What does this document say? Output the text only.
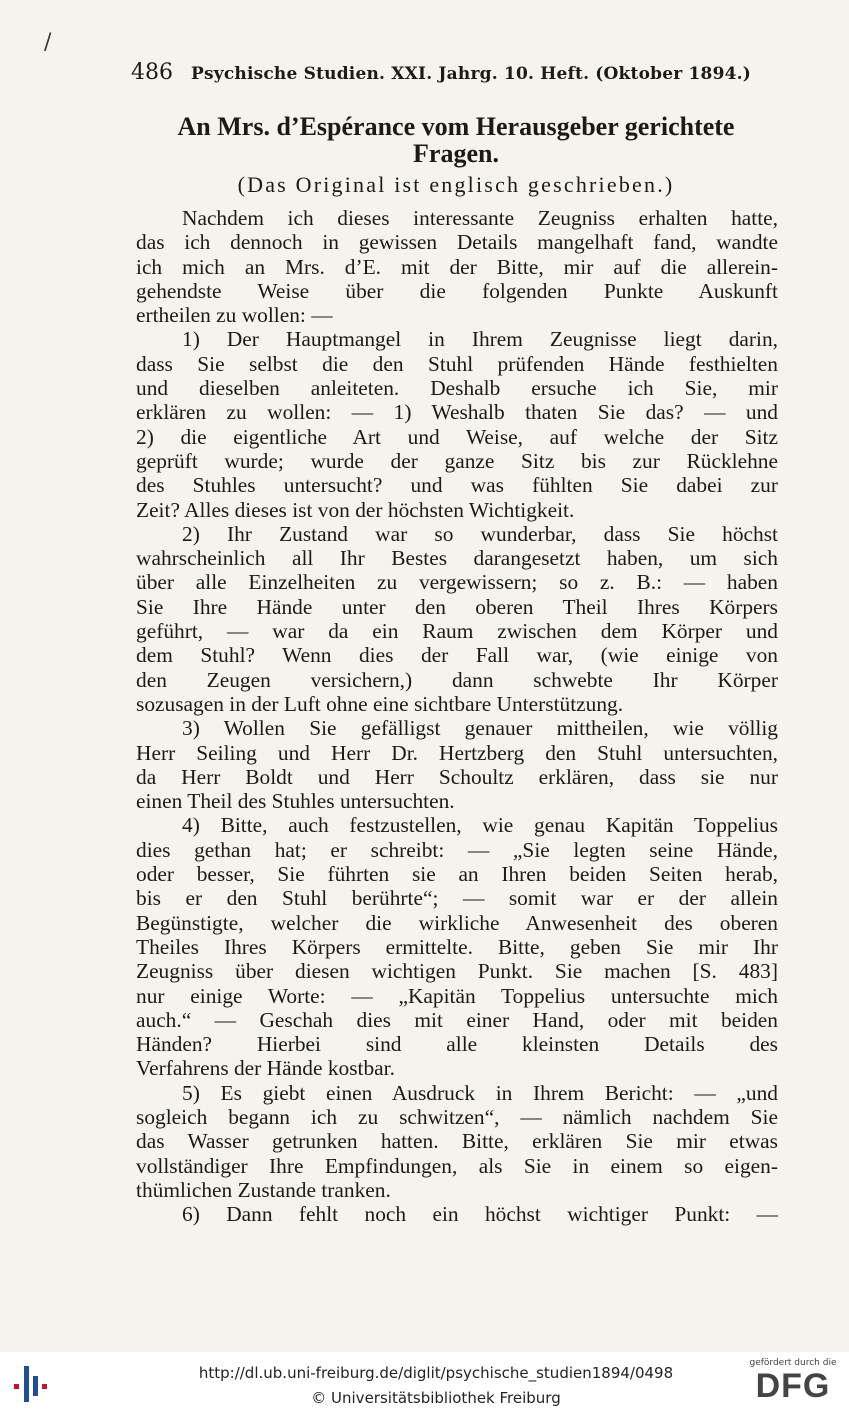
/
486 Psychische Studien. XXI. Jahrg. 10. Heft. (Oktober 1894.)
An Mrs. d’Espérance vom Herausgeber gerichtete Fragen.
(Das Original ist englisch geschrieben.)
Nachdem ich dieses interessante Zeugniss erhalten hatte,
das ich dennoch in gewissen Details mangelhaft fand, wandte
ich mich an Mrs. d’E. mit der Bitte, mir auf die allerein-
gehendste Weise über die folgenden Punkte Auskunft
ertheilen zu wollen: —
1) Der Hauptmangel in Ihrem Zeugnisse liegt darin,
dass Sie selbst die den Stuhl prüfenden Hände festhielten
und dieselben anleiteten. Deshalb ersuche ich Sie, mir
erklären zu wollen: — 1) Weshalb thaten Sie das? — und
2) die eigentliche Art und Weise, auf welche der Sitz
geprüft wurde; wurde der ganze Sitz bis zur Rücklehne
des Stuhles untersucht? und was fühlten Sie dabei zur
Zeit? Alles dieses ist von der höchsten Wichtigkeit.
2) Ihr Zustand war so wunderbar, dass Sie höchst
wahrscheinlich all Ihr Bestes darangesetzt haben, um sich
über alle Einzelheiten zu vergewissern; so z. B.: — haben
Sie Ihre Hände unter den oberen Theil Ihres Körpers
geführt, — war da ein Raum zwischen dem Körper und
dem Stuhl? Wenn dies der Fall war, (wie einige von
den Zeugen versichern,) dann schwebte Ihr Körper
sozusagen in der Luft ohne eine sichtbare Unterstützung.
3) Wollen Sie gefälligst genauer mittheilen, wie völlig
Herr Seiling und Herr Dr. Hertzberg den Stuhl untersuchten,
da Herr Boldt und Herr Schoultz erklären, dass sie nur
einen Theil des Stuhles untersuchten.
4) Bitte, auch festzustellen, wie genau Kapitän Toppelius
dies gethan hat; er schreibt: — „Sie legten seine Hände,
oder besser, Sie führten sie an Ihren beiden Seiten herab,
bis er den Stuhl berührte“; — somit war er der allein
Begünstigte, welcher die wirkliche Anwesenheit des oberen
Theiles Ihres Körpers ermittelte. Bitte, geben Sie mir Ihr
Zeugniss über diesen wichtigen Punkt. Sie machen [S. 483]
nur einige Worte: — „Kapitän Toppelius untersuchte mich
auch.“ — Geschah dies mit einer Hand, oder mit beiden
Händen? Hierbei sind alle kleinsten Details des
Verfahrens der Hände kostbar.
5) Es giebt einen Ausdruck in Ihrem Bericht: — „und
sogleich begann ich zu schwitzen“, — nämlich nachdem Sie
das Wasser getrunken hatten. Bitte, erklären Sie mir etwas
vollständiger Ihre Empfindungen, als Sie in einem so eigen-
thümlichen Zustande tranken.
6) Dann fehlt noch ein höchst wichtiger Punkt: —
http://dl.ub.uni-freiburg.de/diglit/psychische_studien1894/0498
© Universitätsbibliothek Freiburg
gefördert durch die
DFG
